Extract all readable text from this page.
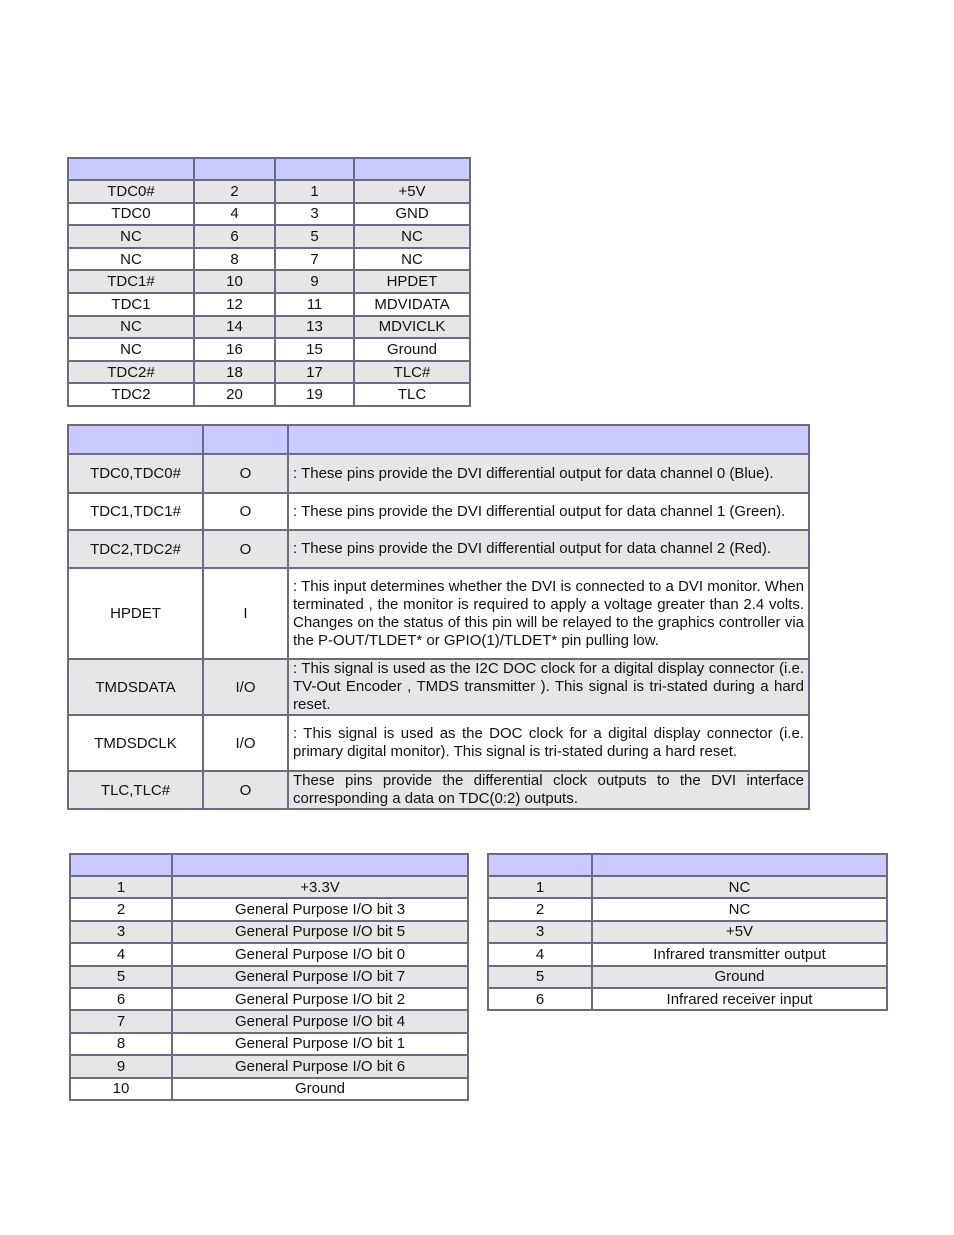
TDC0#	2	1	+5V
TDC0	4	3	GND
NC	6	5	NC
NC	8	7	NC
TDC1#	10	9	HPDET
TDC1	12	11	MDVIDATA
NC	14	13	MDVICLK
NC	16	15	Ground
TDC2#	18	17	TLC#
TDC2	20	19	TLC

TDC0,TDC0#	O	: These pins provide the DVI differential output for data channel 0 (Blue).
TDC1,TDC1#	O	: These pins provide the DVI differential output for data channel 1 (Green).
TDC2,TDC2#	O	: These pins provide the DVI differential output for data channel 2 (Red).
HPDET	I	: This input determines whether the DVI is connected to a DVI monitor. When terminated , the monitor is required to apply a voltage greater than 2.4 volts. Changes on the status of this pin will be relayed to the graphics controller via the P-OUT/TLDET* or GPIO(1)/TLDET* pin pulling low.
TMDSDATA	I/O	: This signal is used as the I2C DOC clock for a digital display connector (i.e. TV-Out Encoder , TMDS transmitter ). This signal is tri-stated during a hard reset.
TMDSDCLK	I/O	: This signal is used as the DOC clock for a digital display connector (i.e. primary digital monitor). This signal is tri-stated during a hard reset.
TLC,TLC#	O	These pins provide the differential clock outputs to the DVI interface corresponding a data on TDC(0:2) outputs.

1	+3.3V
2	General Purpose I/O bit 3
3	General Purpose I/O bit 5
4	General Purpose I/O bit 0
5	General Purpose I/O bit 7
6	General Purpose I/O bit 2
7	General Purpose I/O bit 4
8	General Purpose I/O bit 1
9	General Purpose I/O bit 6
10	Ground

1	NC
2	NC
3	+5V
4	Infrared transmitter output
5	Ground
6	Infrared receiver input
